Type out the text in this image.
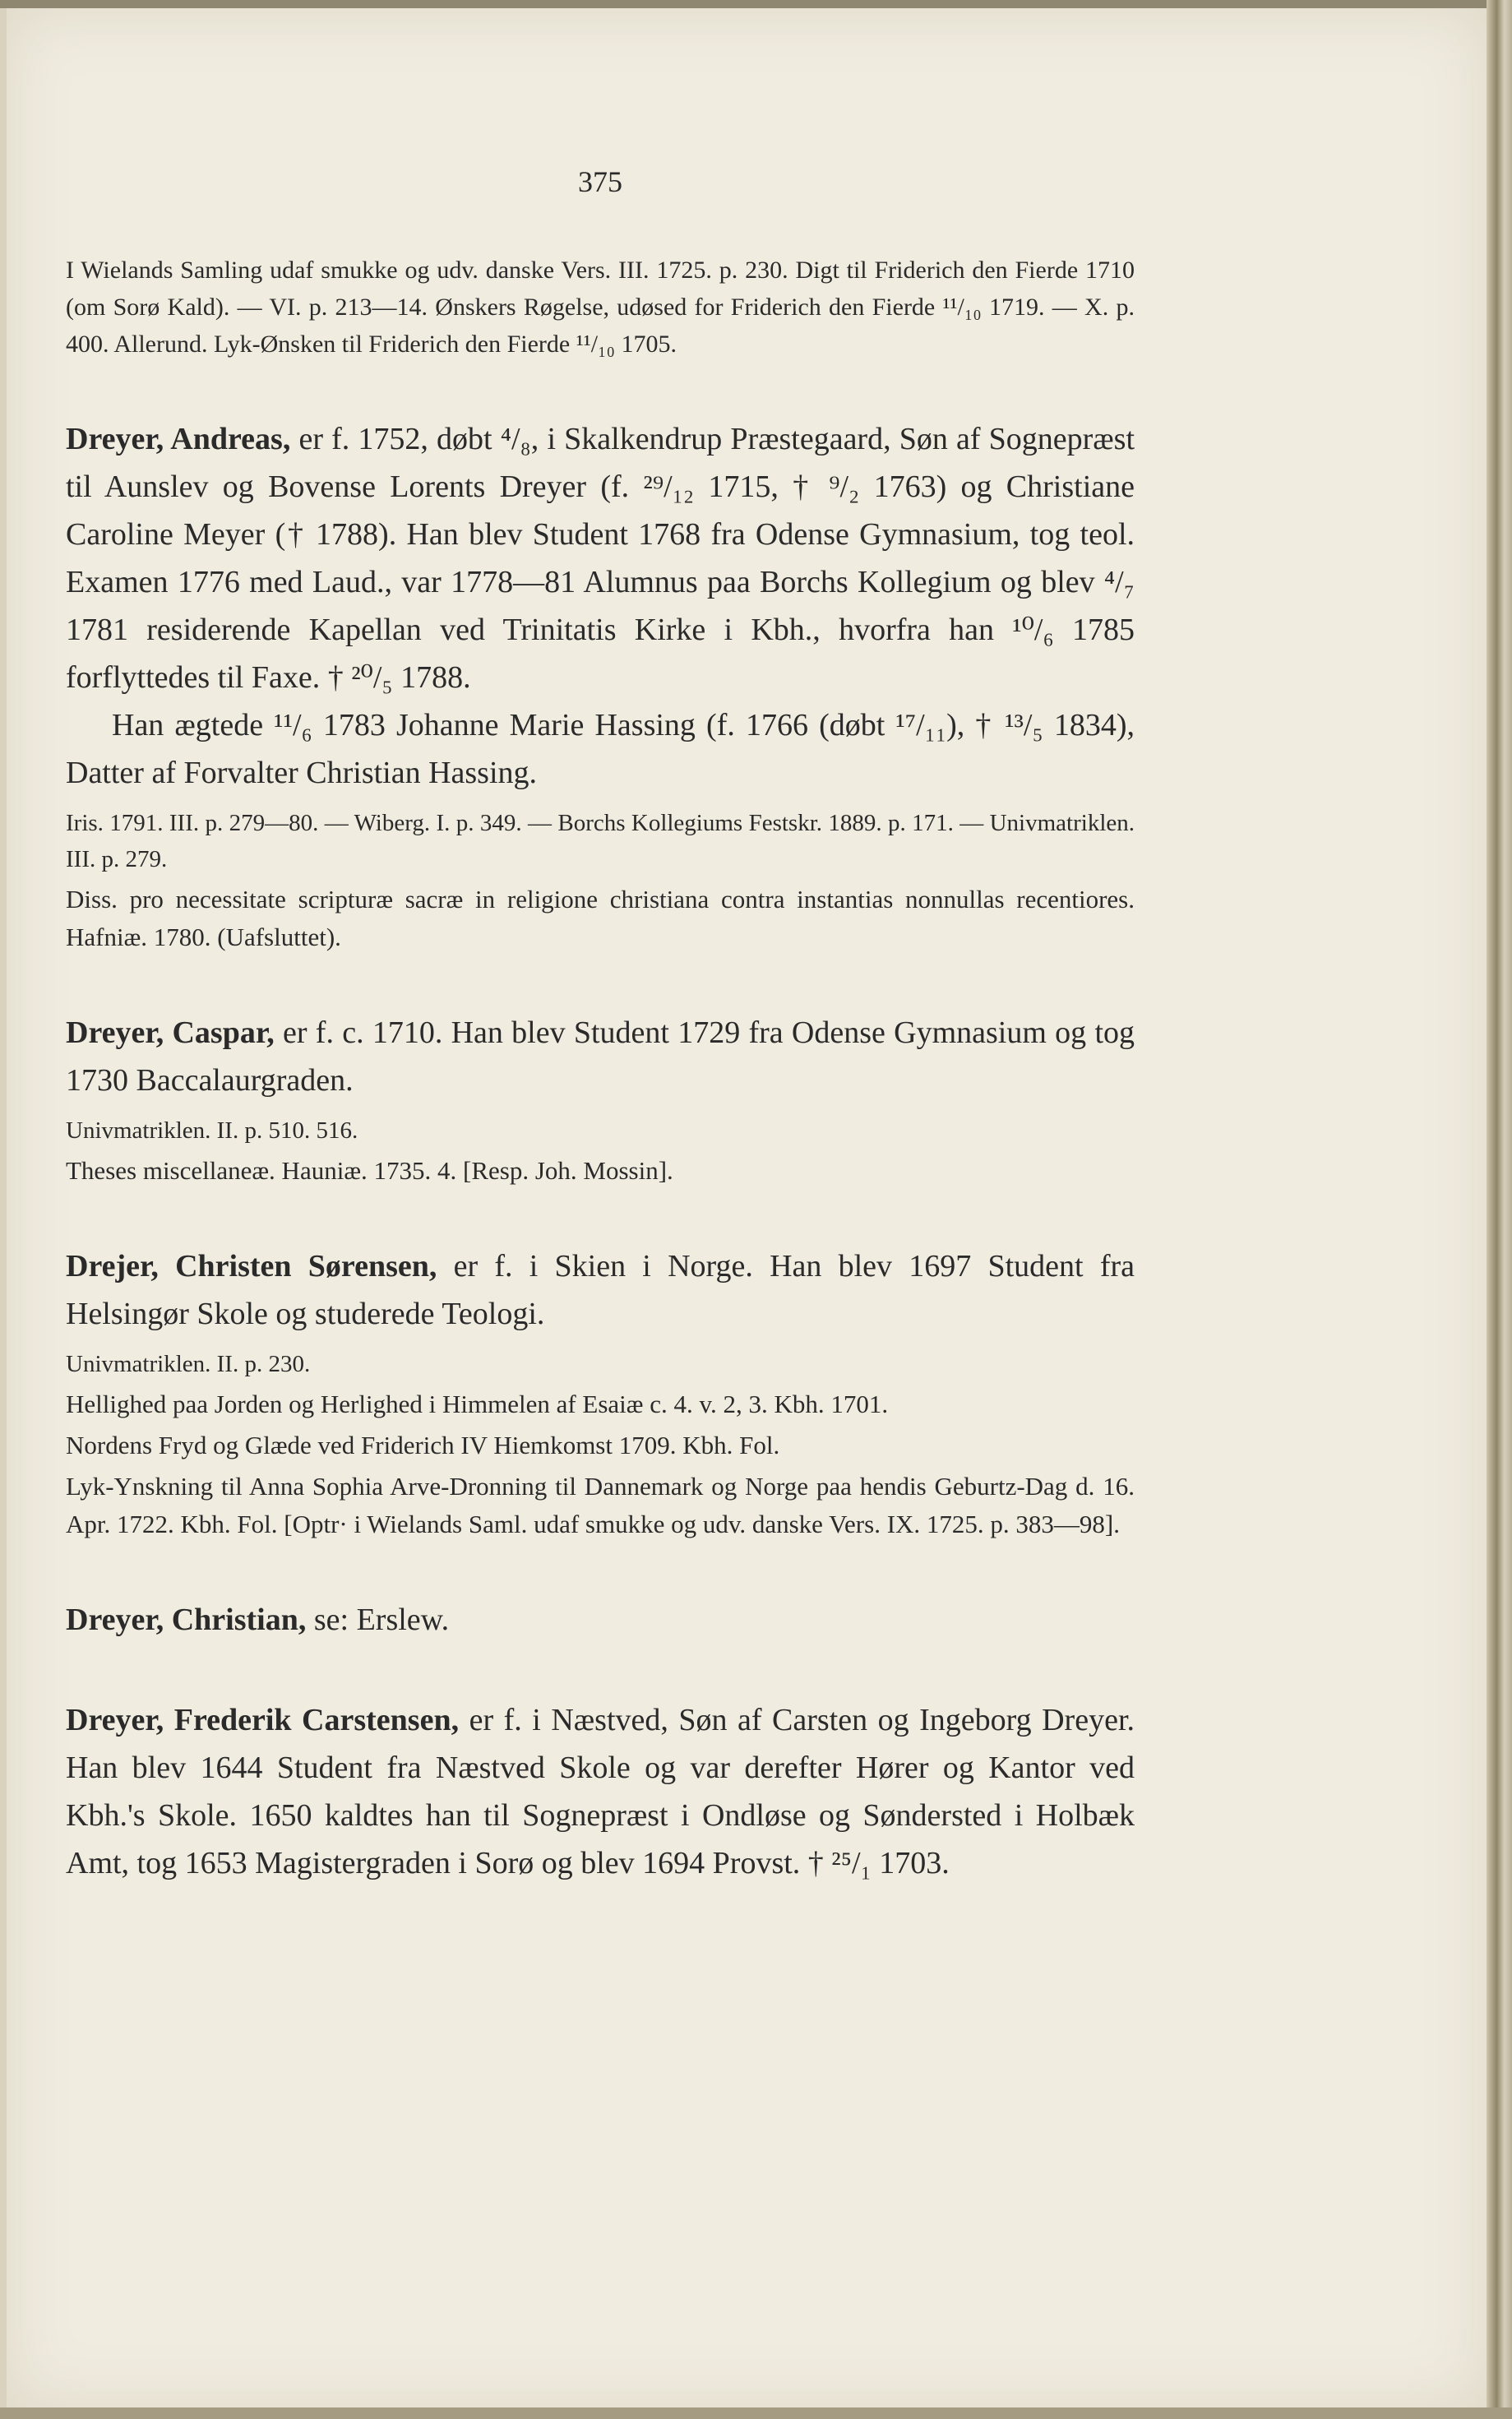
375

I Wielands Samling udaf smukke og udv. danske Vers. III. 1725. p. 230. Digt til Friderich den Fierde 1710 (om Sorø Kald). — VI. p. 213—14. Ønskers Røgelse, udøsed for Friderich den Fierde ¹¹/₁₀ 1719. — X. p. 400. Allerund. Lyk-Ønsken til Friderich den Fierde ¹¹/₁₀ 1705.

Dreyer, Andreas, er f. 1752, døbt ⁴/₈, i Skalkendrup Præstegaard, Søn af Sognepræst til Aunslev og Bovense Lorents Dreyer (f. ²⁹/₁₂ 1715, † ⁹/₂ 1763) og Christiane Caroline Meyer († 1788). Han blev Student 1768 fra Odense Gymnasium, tog teol. Examen 1776 med Laud., var 1778—81 Alumnus paa Borchs Kollegium og blev ⁴/₇ 1781 residerende Kapellan ved Trinitatis Kirke i Kbh., hvorfra han ¹⁰/₆ 1785 forflyttedes til Faxe. † ²⁰/₅ 1788.

Han ægtede ¹¹/₆ 1783 Johanne Marie Hassing (f. 1766 (døbt ¹⁷/₁₁), † ¹³/₅ 1834), Datter af Forvalter Christian Hassing.

Iris. 1791. III. p. 279—80. — Wiberg. I. p. 349. — Borchs Kollegiums Festskr. 1889. p. 171. — Univmatriklen. III. p. 279.

Diss. pro necessitate scripturæ sacræ in religione christiana contra instantias nonnullas recentiores. Hafniæ. 1780. (Uafsluttet).

Dreyer, Caspar, er f. c. 1710. Han blev Student 1729 fra Odense Gymnasium og tog 1730 Baccalaurgraden.

Univmatriklen. II. p. 510. 516.

Theses miscellaneæ. Hauniæ. 1735. 4. [Resp. Joh. Mossin].

Drejer, Christen Sørensen, er f. i Skien i Norge. Han blev 1697 Student fra Helsingør Skole og studerede Teologi.

Univmatriklen. II. p. 230.

Hellighed paa Jorden og Herlighed i Himmelen af Esaiæ c. 4. v. 2, 3. Kbh. 1701.

Nordens Fryd og Glæde ved Friderich IV Hiemkomst 1709. Kbh. Fol.

Lyk-Ynskning til Anna Sophia Arve-Dronning til Dannemark og Norge paa hendis Geburtz-Dag d. 16. Apr. 1722. Kbh. Fol. [Optr· i Wielands Saml. udaf smukke og udv. danske Vers. IX. 1725. p. 383—98].

Dreyer, Christian, se: Erslew.

Dreyer, Frederik Carstensen, er f. i Næstved, Søn af Carsten og Ingeborg Dreyer. Han blev 1644 Student fra Næstved Skole og var derefter Hører og Kantor ved Kbh.'s Skole. 1650 kaldtes han til Sognepræst i Ondløse og Søndersted i Holbæk Amt, tog 1653 Magistergraden i Sorø og blev 1694 Provst. † ²⁵/₁ 1703.
